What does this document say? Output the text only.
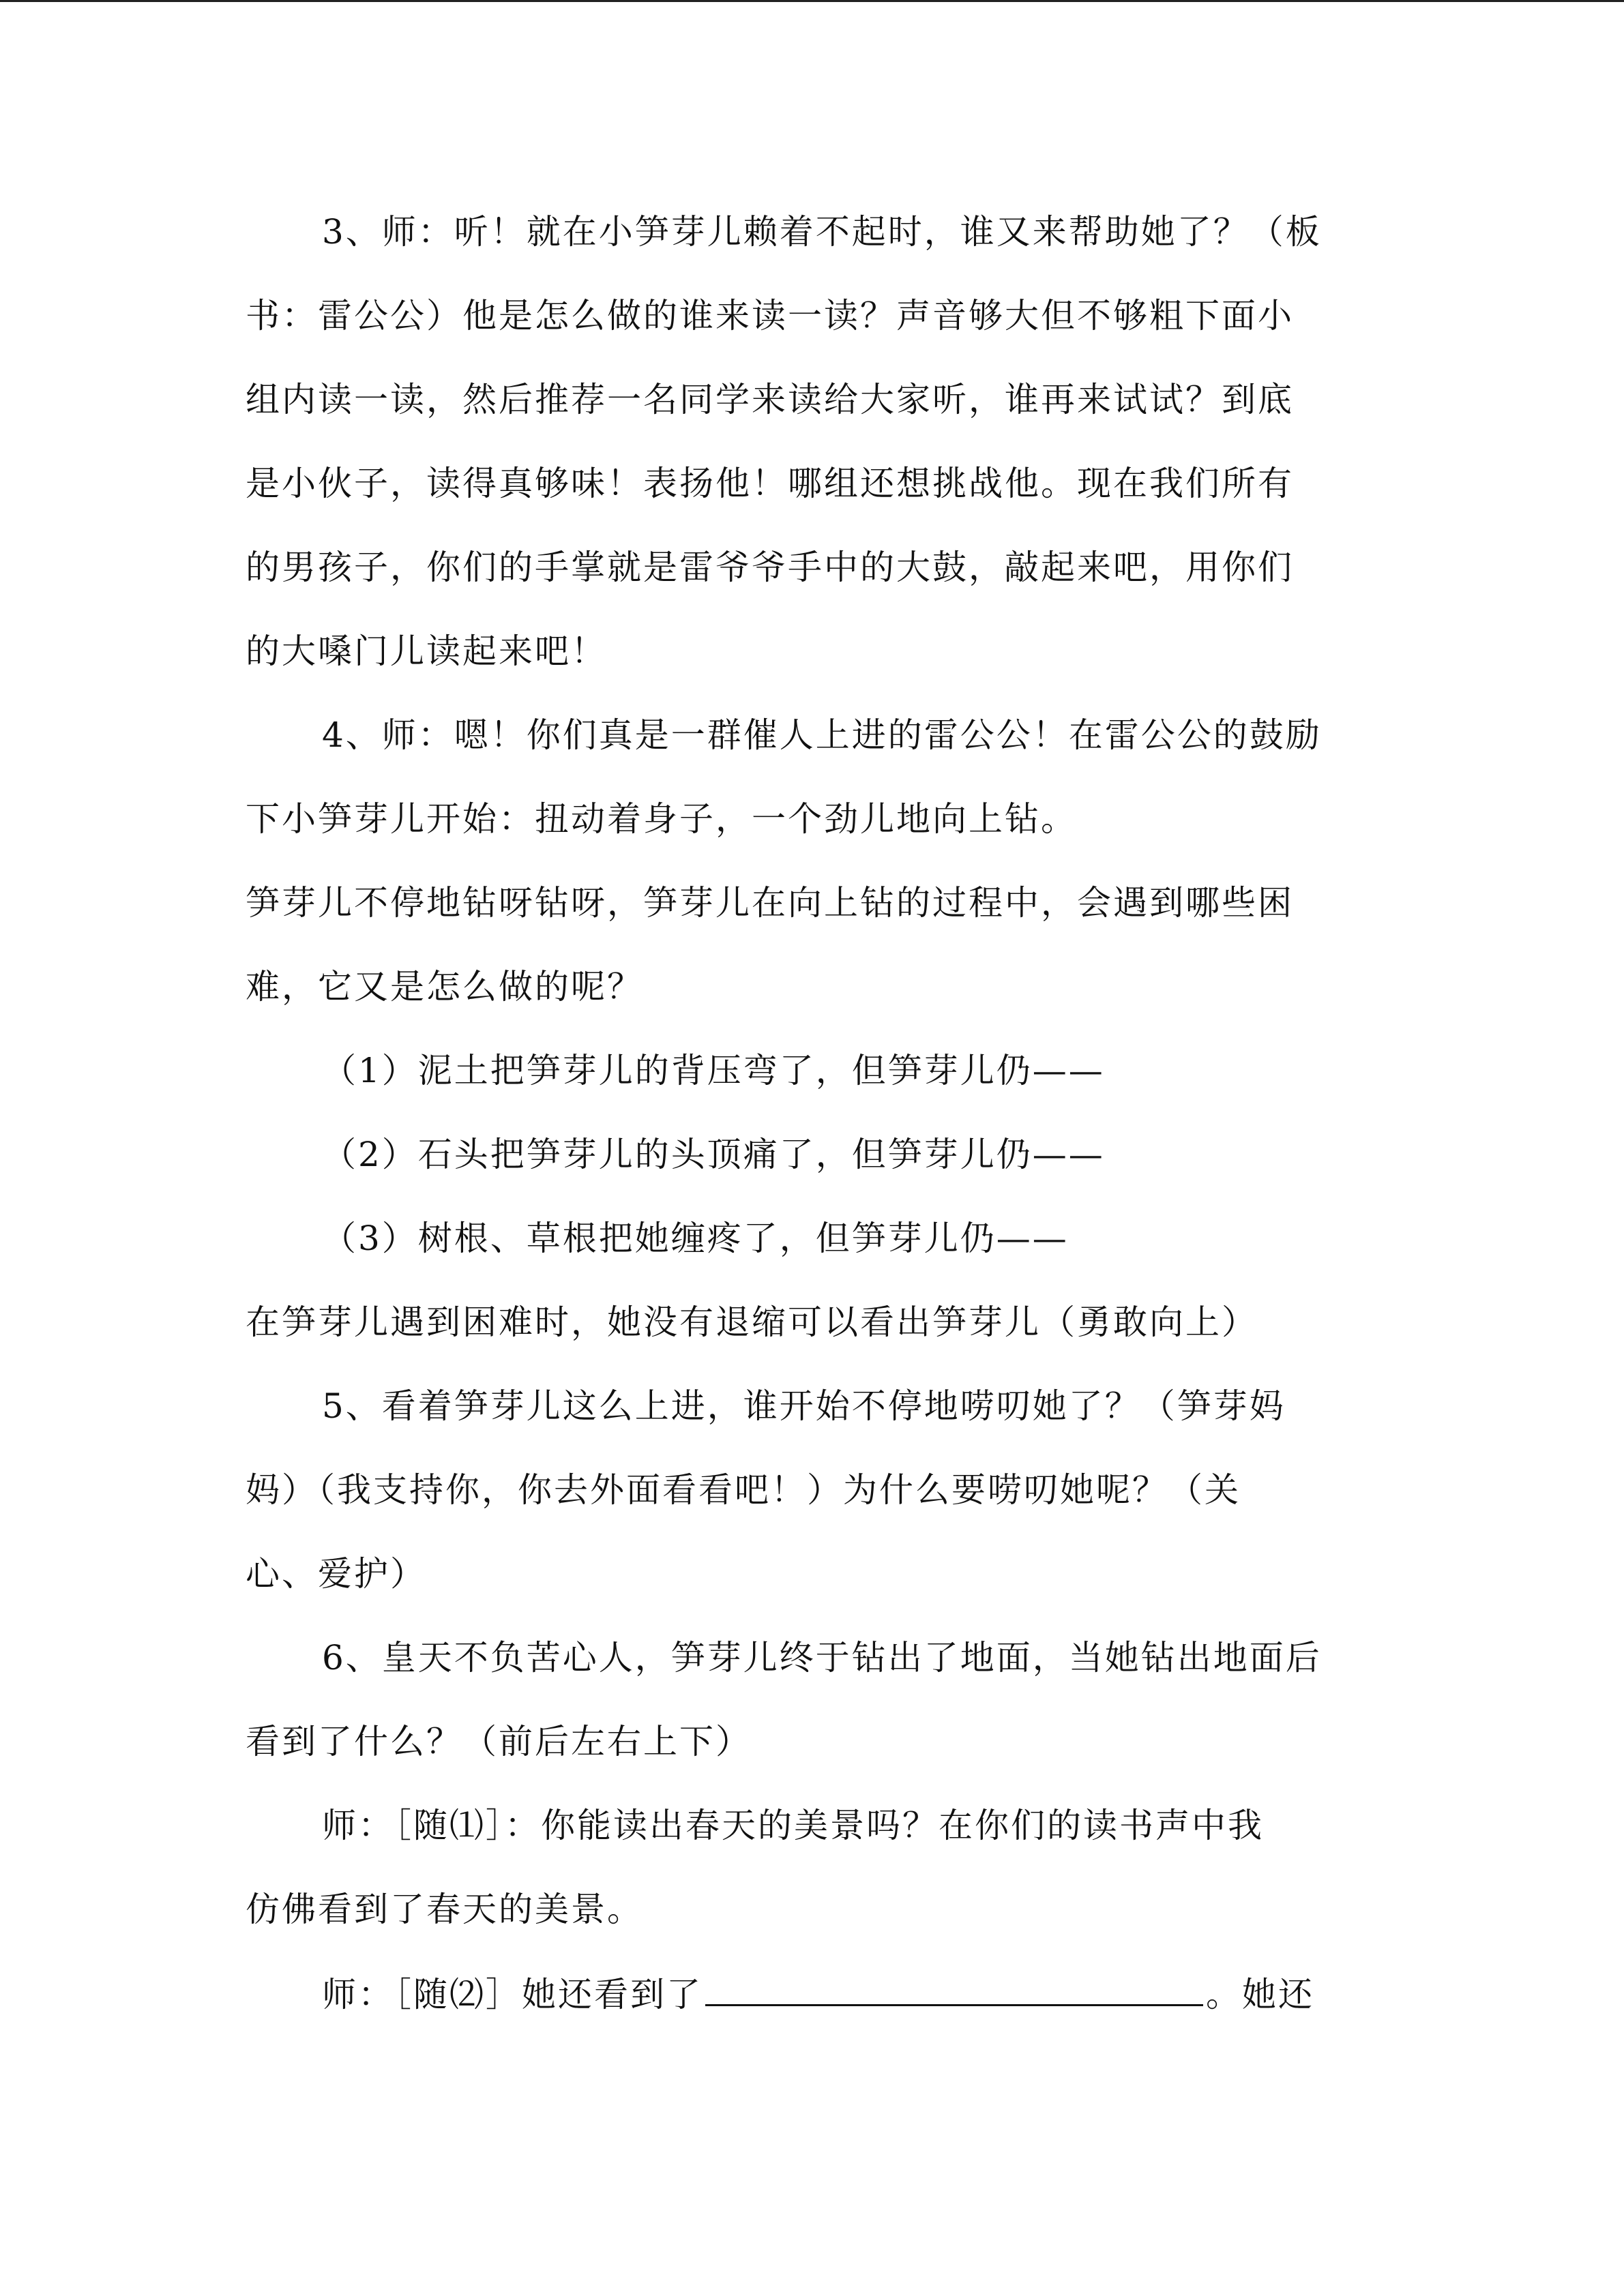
3、师：听！就在小笋芽儿赖着不起时，谁又来帮助她了？（板
书：雷公公）他是怎么做的谁来读一读？声音够大但不够粗下面小
组内读一读，然后推荐一名同学来读给大家听，谁再来试试？到底
是小伙子，读得真够味！表扬他！哪组还想挑战他。现在我们所有
的男孩子，你们的手掌就是雷爷爷手中的大鼓，敲起来吧，用你们
的大嗓门儿读起来吧！
4、师：嗯！你们真是一群催人上进的雷公公！在雷公公的鼓励
下小笋芽儿开始：扭动着身子，一个劲儿地向上钻。
笋芽儿不停地钻呀钻呀，笋芽儿在向上钻的过程中，会遇到哪些困
难，它又是怎么做的呢？
（1）泥土把笋芽儿的背压弯了，但笋芽儿仍——
（2）石头把笋芽儿的头顶痛了，但笋芽儿仍——
（3）树根、草根把她缠疼了，但笋芽儿仍——
在笋芽儿遇到困难时，她没有退缩可以看出笋芽儿（勇敢向上）
5、看着笋芽儿这么上进，谁开始不停地唠叨她了？（笋芽妈
妈）（我支持你，你去外面看看吧！）为什么要唠叨她呢？（关
心、爱护）
6、皇天不负苦心人，笋芽儿终于钻出了地面，当她钻出地面后
看到了什么？（前后左右上下）
师：［随⑴］：你能读出春天的美景吗？在你们的读书声中我
仿佛看到了春天的美景。
师：［随⑵］她还看到了	。她还
